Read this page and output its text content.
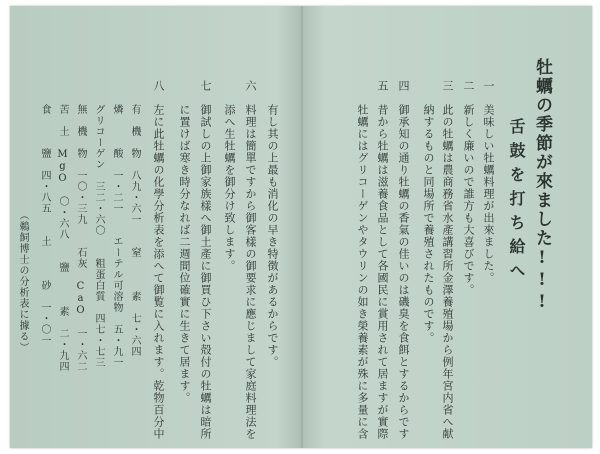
牡蠣の季節が來ました!!!
舌鼓を打ち給へ
一　美味しい牡蠣料理が出來ました。
二　新しく廉いので誰方も大喜びです。
三　此の牡蠣は農商務省水產講習所金澤養殖場から例年宮内省へ献
納するものと同場所で養殖されたものです。
四　御承知の通り牡蠣の香氣の佳いのは磯臭を食餌とするからです
五　昔から牡蠣は滋養食品として各國民に賞用されて居ますが實際
牡蠣にはグリコーゲンやタウリンの如き榮養素が殊に多量に含
有し其の上最も消化の早き特徴があるからです。
六　料理は簡單ですから御客樣の御要求に應じまして家庭料理法を
添へ生牡蠣を御分け致します。
七　御試しの上御家族樣へ御土產に御買ひ下さい殻付の牡蠣は暗所
に置けば寒き時分なれば二週間位確實に生きて居ます。
八　左に此牡蠣の化學分析表を添へて御覧に入れます。乾物百分中
有　機　物　八九・六一　　窒　　　素　七・六四
燐　　　酸　一・二一　　エーテル可溶物　五・九一
グリコーゲン　三二・六〇　　粗蛋白質　四七・七三
無　機　物　一〇・三九　　石灰 CaO　一・六二
苦　土 MgO　〇・六八　　鹽　　　素　二・九四
食　　　鹽　四・八五　　土　　　砂　一・〇一
（鵜飼博士の分析表に據る）
